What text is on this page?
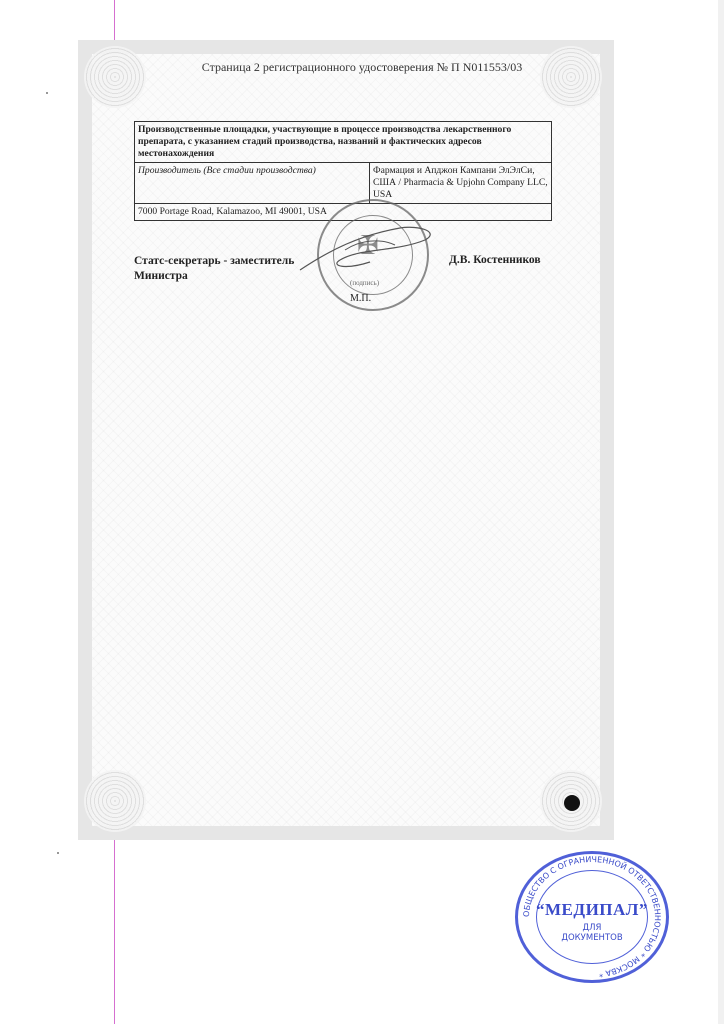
Страница 2 регистрационного удостоверения № П N011553/03
Производственные площадки, участвующие в процессе производства лекарственного препарата, с указанием стадий производства, названий и фактических адресов местонахождения
Производитель (Все стадии производства)	Фармация и Апджон Кампани ЭлЭлСи, США / Pharmacia & Upjohn Company LLC, USA
7000 Portage Road, Kalamazoo, MI 49001, USA
Статс-секретарь - заместитель
Министра
Д.В. Костенников
✠
(подпись)
М.П.
ОБЩЕСТВО С ОГРАНИЧЕННОЙ ОТВЕТСТВЕННОСТЬЮ * МОСКВА *
“МЕДИПАЛ”
ДЛЯ
ДОКУМЕНТОВ
